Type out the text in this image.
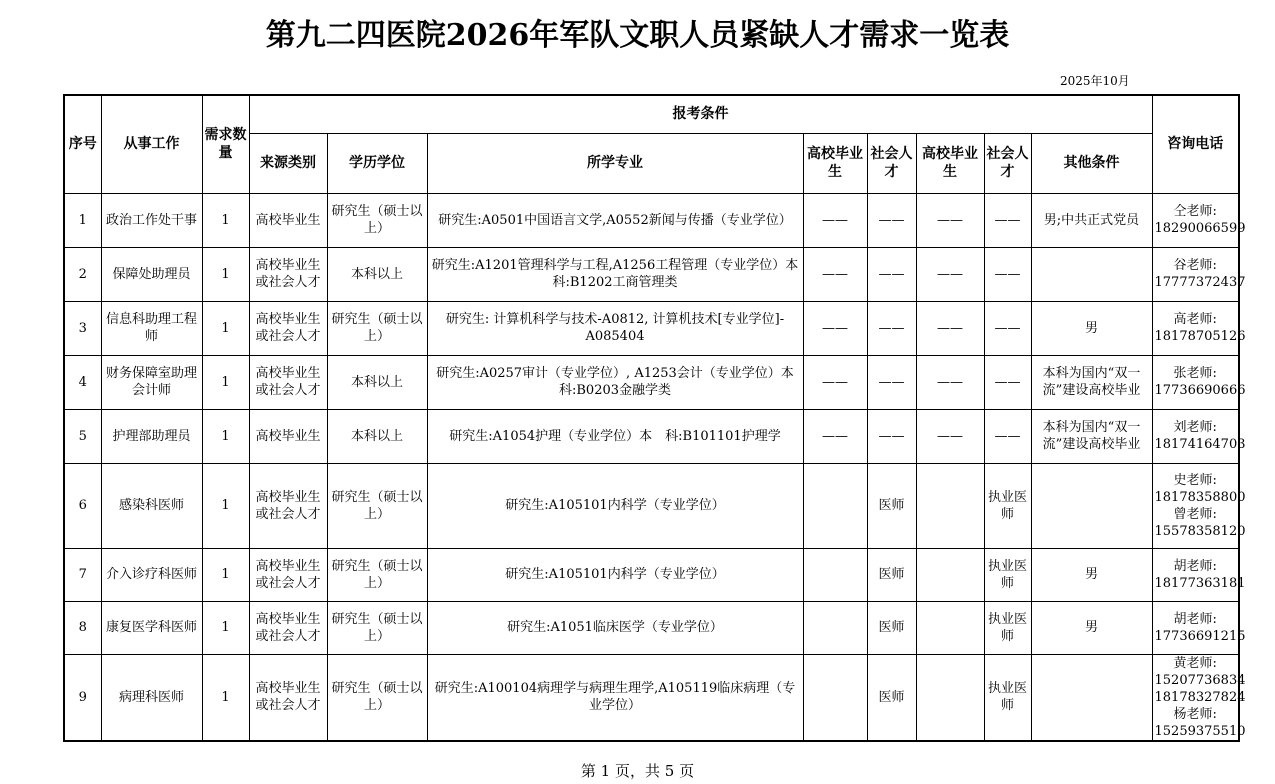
第九二四医院2026年军队文职人员紧缺人才需求一览表
2025年10月
序号	从事工作	需求数量	报考条件								咨询电话
			来源类别	学历学位	所学专业	高校毕业生	社会人才	高校毕业生	社会人才	其他条件	
1	政治工作处干事	1	高校毕业生	研究生（硕士以上）	研究生:A0501中国语言文学,A0552新闻与传播（专业学位）	——	——	——	——	男;中共正式党员	仝老师:
18290066599

2	保障处助理员	1	高校毕业生或社会人才	本科以上	研究生:A1201管理科学与工程,A1256工程管理（专业学位）本科:B1202工商管理类	——	——	——	——		谷老师:
17777372437

3	信息科助理工程师	1	高校毕业生或社会人才	研究生（硕士以上）	研究生: 计算机科学与技术-A0812, 计算机技术[专业学位]-A085404	——	——	——	——	男	高老师:
18178705126

4	财务保障室助理会计师	1	高校毕业生或社会人才	本科以上	研究生:A0257审计（专业学位）, A1253会计（专业学位）本　科:B0203金融学类	——	——	——	——	本科为国内“双一流”建设高校毕业	张老师:
17736690666

5	护理部助理员	1	高校毕业生	本科以上	研究生:A1054护理（专业学位）本　科:B101101护理学	——	——	——	——	本科为国内“双一流”建设高校毕业	刘老师:
18174164703

6	感染科医师	1	高校毕业生或社会人才	研究生（硕士以上）	研究生:A105101内科学（专业学位）		医师		执业医师		史老师:
18178358800
曾老师:
15578358120

7	介入诊疗科医师	1	高校毕业生或社会人才	研究生（硕士以上）	研究生:A105101内科学（专业学位）		医师		执业医师	男	胡老师:
18177363181

8	康复医学科医师	1	高校毕业生或社会人才	研究生（硕士以上）	研究生:A1051临床医学（专业学位）		医师		执业医师	男	胡老师:
17736691215

9	病理科医师	1	高校毕业生或社会人才	研究生（硕士以上）	研究生:A100104病理学与病理生理学,A105119临床病理（专业学位）		医师		执业医师		黄老师:
15207736834
18178327824
杨老师:
15259375510
第 1 页，共 5 页
